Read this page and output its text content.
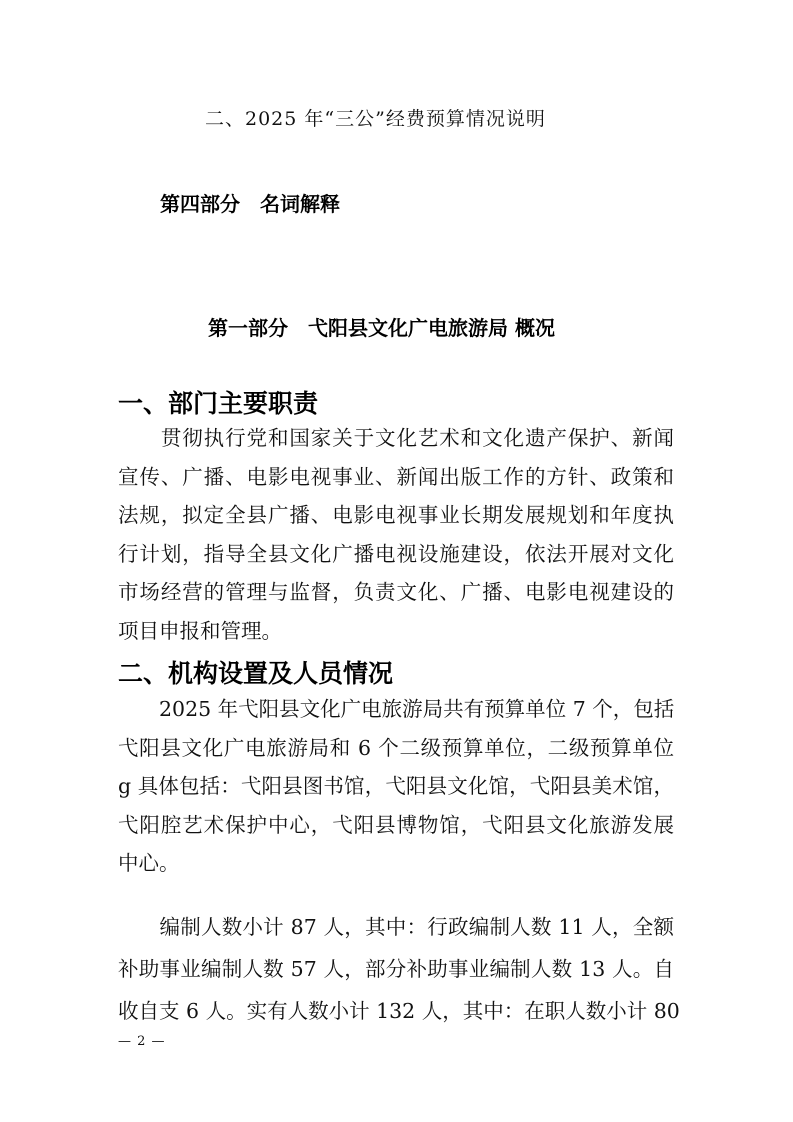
二、2025 年“三公”经费预算情况说明
第四部分　名词解释
第一部分　弋阳县文化广电旅游局 概况
一、部门主要职责
　　贯彻执行党和国家关于文化艺术和文化遗产保护、新闻
宣传、广播、电影电视事业、新闻出版工作的方针、政策和
法规，拟定全县广播、电影电视事业长期发展规划和年度执
行计划，指导全县文化广播电视设施建设，依法开展对文化
市场经营的管理与监督，负责文化、广播、电影电视建设的
项目申报和管理。
二、机构设置及人员情况
　　2025 年弋阳县文化广电旅游局共有预算单位 7 个，包括
弋阳县文化广电旅游局和 6 个二级预算单位，二级预算单位
g 具体包括：弋阳县图书馆，弋阳县文化馆，弋阳县美术馆，
弋阳腔艺术保护中心，弋阳县博物馆，弋阳县文化旅游发展
中心。
　　编制人数小计 87 人，其中：行政编制人数 11 人，全额
补助事业编制人数 57 人，部分补助事业编制人数 13 人。自
收自支 6 人。实有人数小计 132 人，其中：在职人数小计 80
— 2 —
